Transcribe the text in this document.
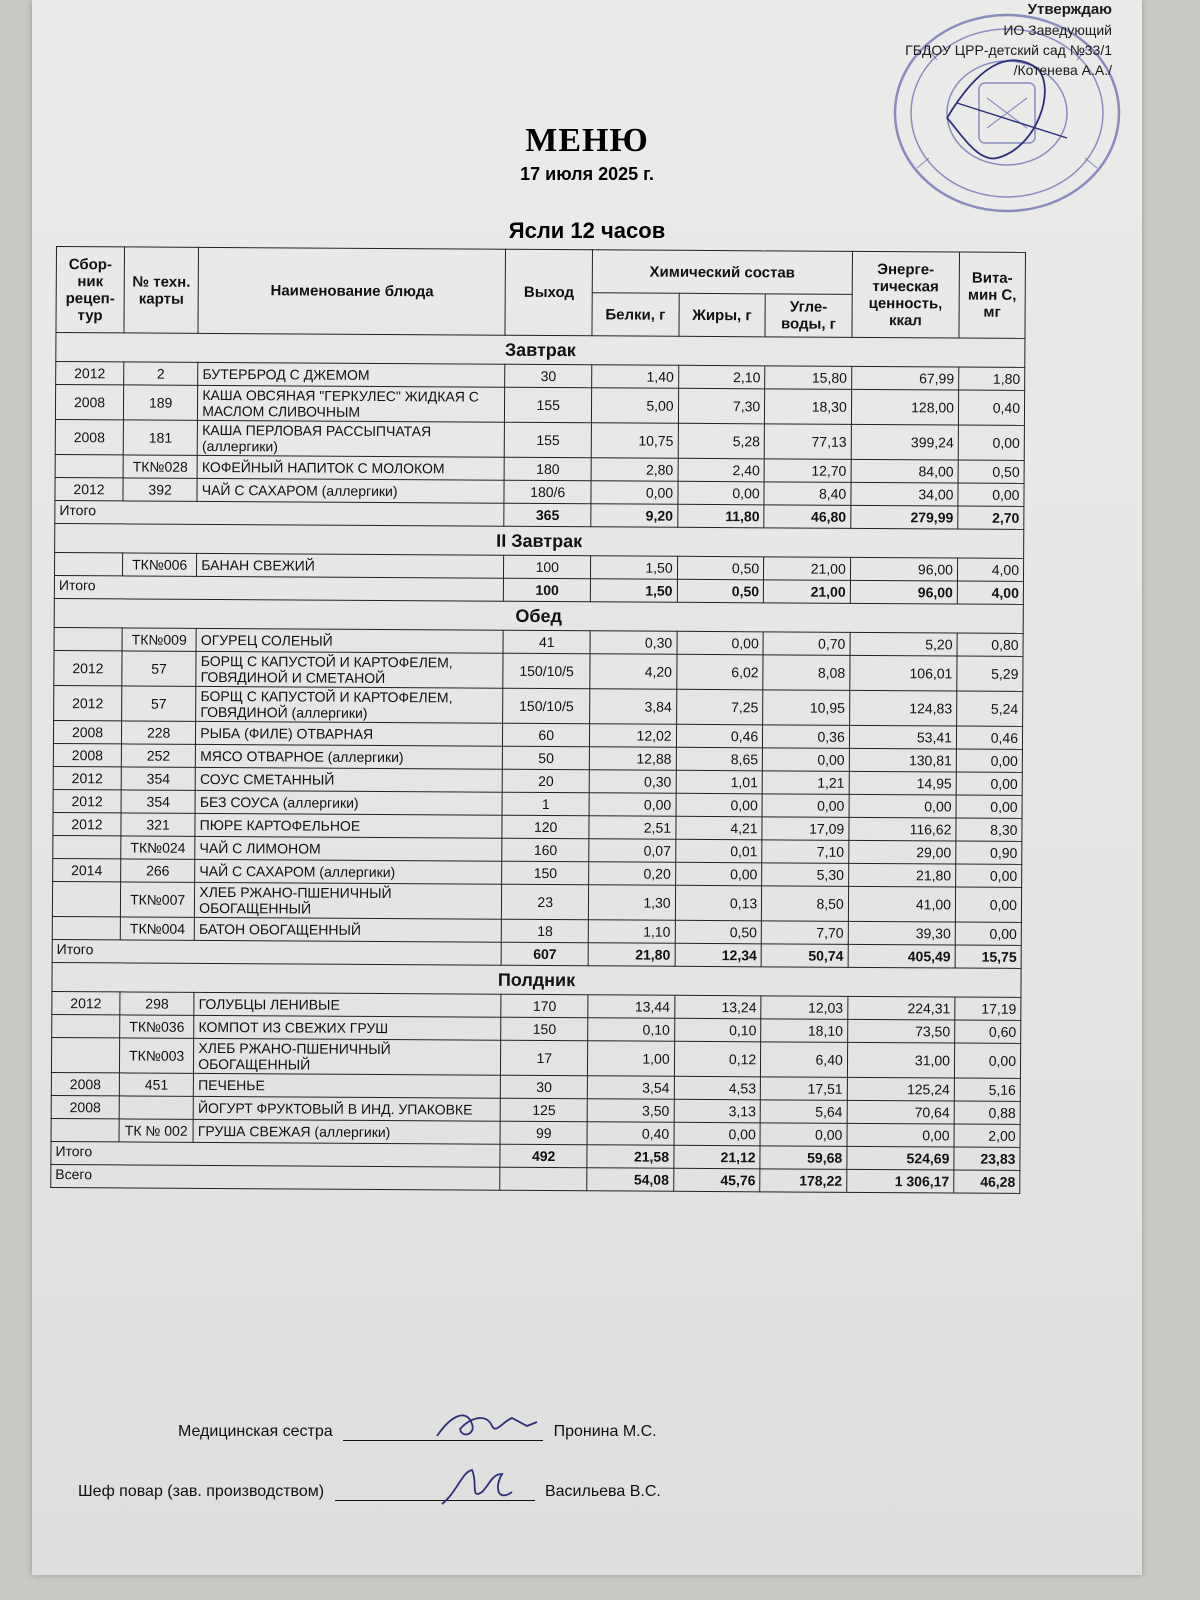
Утверждаю
ИО Заведующий
ГБДОУ ЦРР-детский сад №33/1
/Котенева А.А./
МЕНЮ
17 июля 2025 г.
Ясли 12 часов
Сбор-ник рецеп-тур	№ техн. карты	Наименование блюда	Выход	Химический состав			Энерге-тическая ценность, ккал	Вита-мин С, мг
				Белки, г	Жиры, г	Угле-воды, г		
Завтрак								
2012	2	БУТЕРБРОД С ДЖЕМОМ	30	1,40	2,10	15,80	67,99	1,80
2008	189	КАША ОВСЯНАЯ "ГЕРКУЛЕС" ЖИДКАЯ С МАСЛОМ СЛИВОЧНЫМ	155	5,00	7,30	18,30	128,00	0,40
2008	181	КАША ПЕРЛОВАЯ РАССЫПЧАТАЯ (аллергики)	155	10,75	5,28	77,13	399,24	0,00
	ТК№028	КОФЕЙНЫЙ НАПИТОК С МОЛОКОМ	180	2,80	2,40	12,70	84,00	0,50
2012	392	ЧАЙ С САХАРОМ (аллергики)	180/6	0,00	0,00	8,40	34,00	0,00
Итого			365	9,20	11,80	46,80	279,99	2,70
II Завтрак								
	ТК№006	БАНАН СВЕЖИЙ	100	1,50	0,50	21,00	96,00	4,00
Итого			100	1,50	0,50	21,00	96,00	4,00
Обед								
	ТК№009	ОГУРЕЦ СОЛЕНЫЙ	41	0,30	0,00	0,70	5,20	0,80
2012	57	БОРЩ С КАПУСТОЙ И КАРТОФЕЛЕМ, ГОВЯДИНОЙ И СМЕТАНОЙ	150/10/5	4,20	6,02	8,08	106,01	5,29
2012	57	БОРЩ С КАПУСТОЙ И КАРТОФЕЛЕМ, ГОВЯДИНОЙ (аллергики)	150/10/5	3,84	7,25	10,95	124,83	5,24
2008	228	РЫБА (ФИЛЕ) ОТВАРНАЯ	60	12,02	0,46	0,36	53,41	0,46
2008	252	МЯСО ОТВАРНОЕ (аллергики)	50	12,88	8,65	0,00	130,81	0,00
2012	354	СОУС СМЕТАННЫЙ	20	0,30	1,01	1,21	14,95	0,00
2012	354	БЕЗ СОУСА (аллергики)	1	0,00	0,00	0,00	0,00	0,00
2012	321	ПЮРЕ КАРТОФЕЛЬНОЕ	120	2,51	4,21	17,09	116,62	8,30
	ТК№024	ЧАЙ С ЛИМОНОМ	160	0,07	0,01	7,10	29,00	0,90
2014	266	ЧАЙ С САХАРОМ (аллергики)	150	0,20	0,00	5,30	21,80	0,00
	ТК№007	ХЛЕБ РЖАНО-ПШЕНИЧНЫЙ ОБОГАЩЕННЫЙ	23	1,30	0,13	8,50	41,00	0,00
	ТК№004	БАТОН ОБОГАЩЕННЫЙ	18	1,10	0,50	7,70	39,30	0,00
Итого			607	21,80	12,34	50,74	405,49	15,75
Полдник								
2012	298	ГОЛУБЦЫ ЛЕНИВЫЕ	170	13,44	13,24	12,03	224,31	17,19
	ТК№036	КОМПОТ ИЗ СВЕЖИХ ГРУШ	150	0,10	0,10	18,10	73,50	0,60
	ТК№003	ХЛЕБ РЖАНО-ПШЕНИЧНЫЙ ОБОГАЩЕННЫЙ	17	1,00	0,12	6,40	31,00	0,00
2008	451	ПЕЧЕНЬЕ	30	3,54	4,53	17,51	125,24	5,16
2008		ЙОГУРТ ФРУКТОВЫЙ В ИНД. УПАКОВКЕ	125	3,50	3,13	5,64	70,64	0,88
	ТК № 002	ГРУША СВЕЖАЯ (аллергики)	99	0,40	0,00	0,00	0,00	2,00
Итого			492	21,58	21,12	59,68	524,69	23,83
Всего				54,08	45,76	178,22	1 306,17	46,28
Медицинская сестра	Пронина М.С.
Шеф повар (зав. производством)	Васильева В.С.
